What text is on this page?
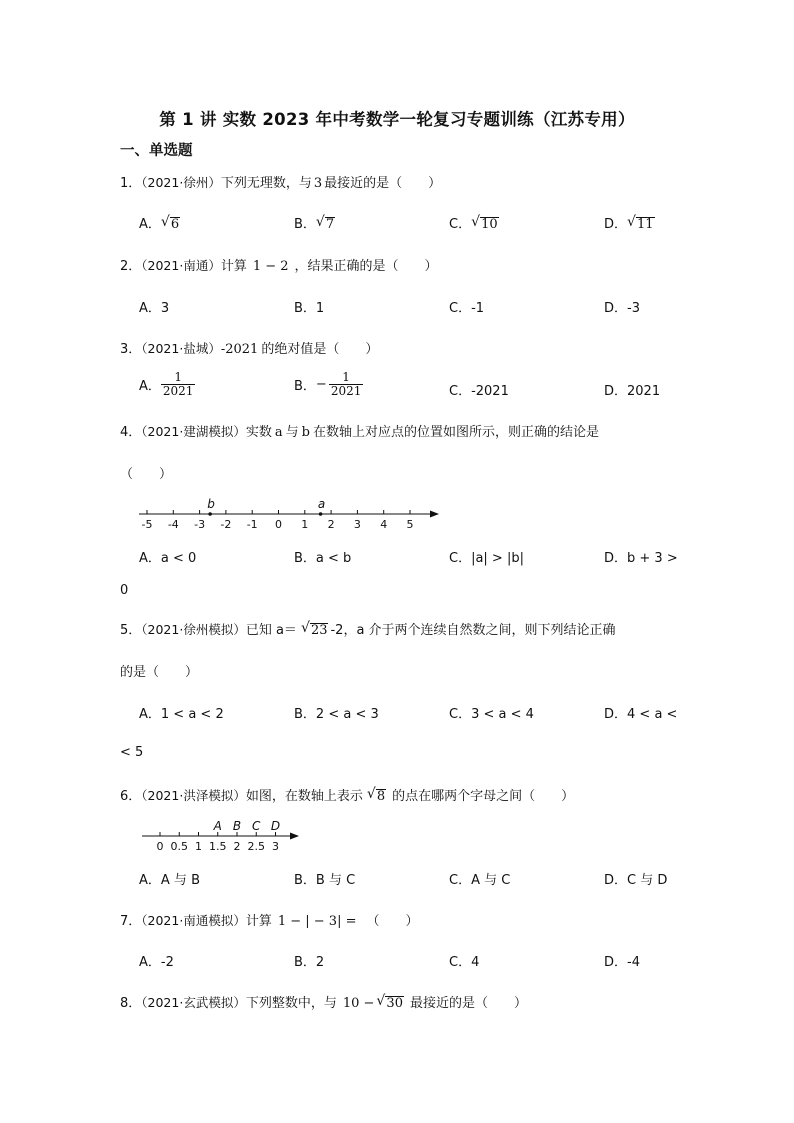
第 1 讲 实数 2023 年中考数学一轮复习专题训练（江苏专用）
一、单选题
1．（2021·徐州）下列无理数，与 3 最接近的是（　　）
A． √ 6	B． √ 7	C． √ 10	D． √ 11
2．（2021·南通）计算 1 − 2 ，结果正确的是（　　）
A．3	B．1	C．-1	D．-3
3．（2021·盐城）-2021 的绝对值是（　　）
A． $\frac{1}{2021}$	B．− $\frac{1}{2021}$	C．-2021	D．2021
4．（2021·建湖模拟）实数 a 与 b 在数轴上对应点的位置如图所示，则正确的结论是
（　　）
-5 -4 -3 -2 -1 0 1 2 3 4 5
b	a
A．a < 0	B．a < b	C．|a| > |b|	D．b + 3 >
0
5．（2021·徐州模拟）已知 a＝ √ 23 -2，a 介于两个连续自然数之间，则下列结论正确
的是（　　）
A．1 < a < 2	B．2 < a < 3	C．3 < a < 4	D．4 < a <
< 5
6．（2021·洪泽模拟）如图，在数轴上表示 √ 8 的点在哪两个字母之间（　　）
0 0.5 1 1.5 2 2.5 3
A B C D
A．A 与 B	B．B 与 C	C．A 与 C	D．C 与 D
7．（2021·南通模拟）计算 1 − | − 3| = （　　）
A．-2	B．2	C．4	D．-4
8．（2021·玄武模拟）下列整数中，与 10 − √ 30 最接近的是（　　）
